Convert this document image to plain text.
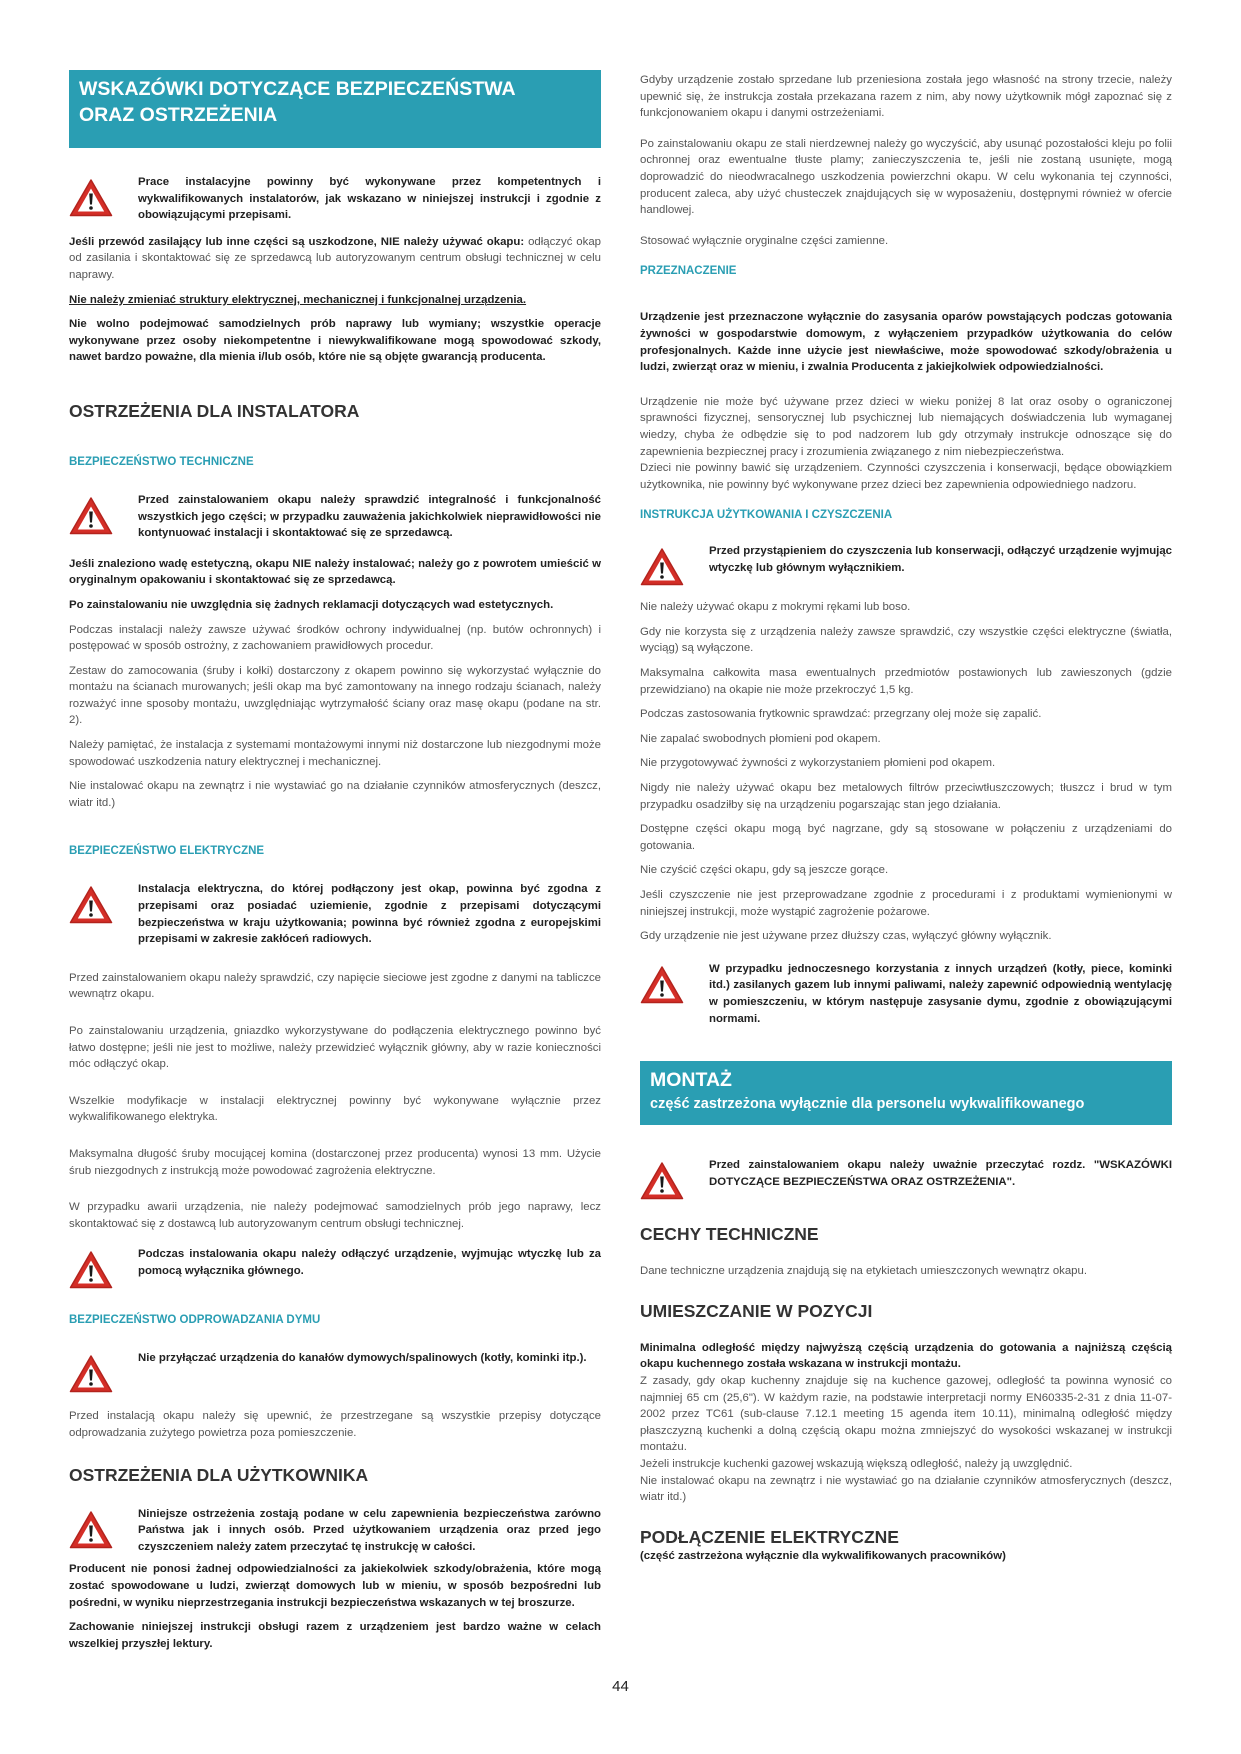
WSKAZÓWKI DOTYCZĄCE BEZPIECZEŃSTWA
ORAZ OSTRZEŻENIA
Prace instalacyjne powinny być wykonywane przez kompetentnych i wykwalifikowanych instalatorów, jak wskazano w niniejszej instrukcji i zgodnie z obowiązującymi przepisami.

Jeśli przewód zasilający lub inne części są uszkodzone, NIE należy używać okapu: odłączyć okap od zasilania i skontaktować się ze sprzedawcą lub autoryzowanym centrum obsługi technicznej w celu naprawy.

Nie należy zmieniać struktury elektrycznej, mechanicznej i funkcjonalnej urządzenia.

Nie wolno podejmować samodzielnych prób naprawy lub wymiany; wszystkie operacje wykonywane przez osoby niekompetentne i niewykwalifikowane mogą spowodować szkody, nawet bardzo poważne, dla mienia i/lub osób, które nie są objęte gwarancją producenta.

OSTRZEŻENIA DLA INSTALATORA
BEZPIECZEŃSTWO TECHNICZNE
Przed zainstalowaniem okapu należy sprawdzić integralność i funkcjonalność wszystkich jego części; w przypadku zauważenia jakichkolwiek nieprawidłowości nie kontynuować instalacji i skontaktować się ze sprzedawcą.

Jeśli znaleziono wadę estetyczną, okapu NIE należy instalować; należy go z powrotem umieścić w oryginalnym opakowaniu i skontaktować się ze sprzedawcą.

Po zainstalowaniu nie uwzględnia się żadnych reklamacji dotyczących wad estetycznych.

Podczas instalacji należy zawsze używać środków ochrony indywidualnej (np. butów ochronnych) i postępować w sposób ostrożny, z zachowaniem prawidłowych procedur.

Zestaw do zamocowania (śruby i kołki) dostarczony z okapem powinno się wykorzystać wyłącznie do montażu na ścianach murowanych; jeśli okap ma być zamontowany na innego rodzaju ścianach, należy rozważyć inne sposoby montażu, uwzględniając wytrzymałość ściany oraz masę okapu (podane na str. 2).

Należy pamiętać, że instalacja z systemami montażowymi innymi niż dostarczone lub niezgodnymi może spowodować uszkodzenia natury elektrycznej i mechanicznej.

Nie instalować okapu na zewnątrz i nie wystawiać go na działanie czynników atmosferycznych (deszcz, wiatr itd.)

BEZPIECZEŃSTWO ELEKTRYCZNE
Instalacja elektryczna, do której podłączony jest okap, powinna być zgodna z przepisami oraz posiadać uziemienie, zgodnie z przepisami dotyczącymi bezpieczeństwa w kraju użytkowania; powinna być również zgodna z europejskimi przepisami w zakresie zakłóceń radiowych.

Przed zainstalowaniem okapu należy sprawdzić, czy napięcie sieciowe jest zgodne z danymi na tabliczce wewnątrz okapu.

Po zainstalowaniu urządzenia, gniazdko wykorzystywane do podłączenia elektrycznego powinno być łatwo dostępne; jeśli nie jest to możliwe, należy przewidzieć wyłącznik główny, aby w razie konieczności móc odłączyć okap.

Wszelkie modyfikacje w instalacji elektrycznej powinny być wykonywane wyłącznie przez wykwalifikowanego elektryka.

Maksymalna długość śruby mocującej komina (dostarczonej przez producenta) wynosi 13 mm. Użycie śrub niezgodnych z instrukcją może powodować zagrożenia elektryczne.

W przypadku awarii urządzenia, nie należy podejmować samodzielnych prób jego naprawy, lecz skontaktować się z dostawcą lub autoryzowanym centrum obsługi technicznej.

Podczas instalowania okapu należy odłączyć urządzenie, wyjmując wtyczkę lub za pomocą wyłącznika głównego.
BEZPIECZEŃSTWO ODPROWADZANIA DYMU
Nie przyłączać urządzenia do kanałów dymowych/spalinowych (kotły, kominki itp.).

Przed instalacją okapu należy się upewnić, że przestrzegane są wszystkie przepisy dotyczące odprowadzania zużytego powietrza poza pomieszczenie.

OSTRZEŻENIA DLA UŻYTKOWNIKA
Niniejsze ostrzeżenia zostają podane w celu zapewnienia bezpieczeństwa zarówno Państwa jak i innych osób. Przed użytkowaniem urządzenia oraz przed jego czyszczeniem należy zatem przeczytać tę instrukcję w całości.

Producent nie ponosi żadnej odpowiedzialności za jakiekolwiek szkody/obrażenia, które mogą zostać spowodowane u ludzi, zwierząt domowych lub w mieniu, w sposób bezpośredni lub pośredni, w wyniku nieprzestrzegania instrukcji bezpieczeństwa wskazanych w tej broszurze.

Zachowanie niniejszej instrukcji obsługi razem z urządzeniem jest bardzo ważne w celach wszelkiej przyszłej lektury.

Gdyby urządzenie zostało sprzedane lub przeniesiona została jego własność na strony trzecie, należy upewnić się, że instrukcja została przekazana razem z nim, aby nowy użytkownik mógł zapoznać się z funkcjonowaniem okapu i danymi ostrzeżeniami.

Po zainstalowaniu okapu ze stali nierdzewnej należy go wyczyścić, aby usunąć pozostałości kleju po folii ochronnej oraz ewentualne tłuste plamy; zanieczyszczenia te, jeśli nie zostaną usunięte, mogą doprowadzić do nieodwracalnego uszkodzenia powierzchni okapu. W celu wykonania tej czynności, producent zaleca, aby użyć chusteczek znajdujących się w wyposażeniu, dostępnymi również w ofercie handlowej.

Stosować wyłącznie oryginalne części zamienne.

PRZEZNACZENIE

Urządzenie jest przeznaczone wyłącznie do zasysania oparów powstających podczas gotowania żywności w gospodarstwie domowym, z wyłączeniem przypadków użytkowania do celów profesjonalnych. Każde inne użycie jest niewłaściwe, może spowodować szkody/obrażenia u ludzi, zwierząt oraz w mieniu, i zwalnia Producenta z jakiejkolwiek odpowiedzialności.

Urządzenie nie może być używane przez dzieci w wieku poniżej 8 lat oraz osoby o ograniczonej sprawności fizycznej, sensorycznej lub psychicznej lub niemających doświadczenia lub wymaganej wiedzy, chyba że odbędzie się to pod nadzorem lub gdy otrzymały instrukcje odnoszące się do zapewnienia bezpiecznej pracy i zrozumienia związanego z nim niebezpieczeństwa.

Dzieci nie powinny bawić się urządzeniem. Czynności czyszczenia i konserwacji, będące obowiązkiem użytkownika, nie powinny być wykonywane przez dzieci bez zapewnienia odpowiedniego nadzoru.

INSTRUKCJA UŻYTKOWANIA I CZYSZCZENIA
Przed przystąpieniem do czyszczenia lub konserwacji, odłączyć urządzenie wyjmując wtyczkę lub głównym wyłącznikiem.

Nie należy używać okapu z mokrymi rękami lub boso.

Gdy nie korzysta się z urządzenia należy zawsze sprawdzić, czy wszystkie części elektryczne (światła, wyciąg) są wyłączone.

Maksymalna całkowita masa ewentualnych przedmiotów postawionych lub zawieszonych (gdzie przewidziano) na okapie nie może przekroczyć 1,5 kg.

Podczas zastosowania frytkownic sprawdzać: przegrzany olej może się zapalić.

Nie zapalać swobodnych płomieni pod okapem.

Nie przygotowywać żywności z wykorzystaniem płomieni pod okapem.

Nigdy nie należy używać okapu bez metalowych filtrów przeciwtłuszczowych; tłuszcz i brud w tym przypadku osadziłby się na urządzeniu pogarszając stan jego działania.

Dostępne części okapu mogą być nagrzane, gdy są stosowane w połączeniu z urządzeniami do gotowania.

Nie czyścić części okapu, gdy są jeszcze gorące.

Jeśli czyszczenie nie jest przeprowadzane zgodnie z procedurami i z produktami wymienionymi w niniejszej instrukcji, może wystąpić zagrożenie pożarowe.

Gdy urządzenie nie jest używane przez dłuższy czas, wyłączyć główny wyłącznik.

W przypadku jednoczesnego korzystania z innych urządzeń (kotły, piece, kominki itd.) zasilanych gazem lub innymi paliwami, należy zapewnić odpowiednią wentylację w pomieszczeniu, w którym następuje zasysanie dymu, zgodnie z obowiązującymi normami.
MONTAŻ
część zastrzeżona wyłącznie dla personelu wykwalifikowanego
Przed zainstalowaniem okapu należy uważnie przeczytać rozdz. "WSKAZÓWKI DOTYCZĄCE BEZPIECZEŃSTWA ORAZ OSTRZEŻENIA".
CECHY TECHNICZNE

Dane techniczne urządzenia znajdują się na etykietach umieszczonych wewnątrz okapu.

UMIESZCZANIE W POZYCJI

Minimalna odległość między najwyższą częścią urządzenia do gotowania a najniższą częścią okapu kuchennego została wskazana w instrukcji montażu.

Z zasady, gdy okap kuchenny znajduje się na kuchence gazowej, odległość ta powinna wynosić co najmniej 65 cm (25,6"). W każdym razie, na podstawie interpretacji normy EN60335-2-31 z dnia 11-07-2002 przez TC61 (sub-clause 7.12.1 meeting 15 agenda item 10.11), minimalną odległość między płaszczyzną kuchenki a dolną częścią okapu można zmniejszyć do wysokości wskazanej w instrukcji montażu.

Jeżeli instrukcje kuchenki gazowej wskazują większą odległość, należy ją uwzględnić.

Nie instalować okapu na zewnątrz i nie wystawiać go na działanie czynników atmosferycznych (deszcz, wiatr itd.)

PODŁĄCZENIE ELEKTRYCZNE

(część zastrzeżona wyłącznie dla wykwalifikowanych pracowników)

44
